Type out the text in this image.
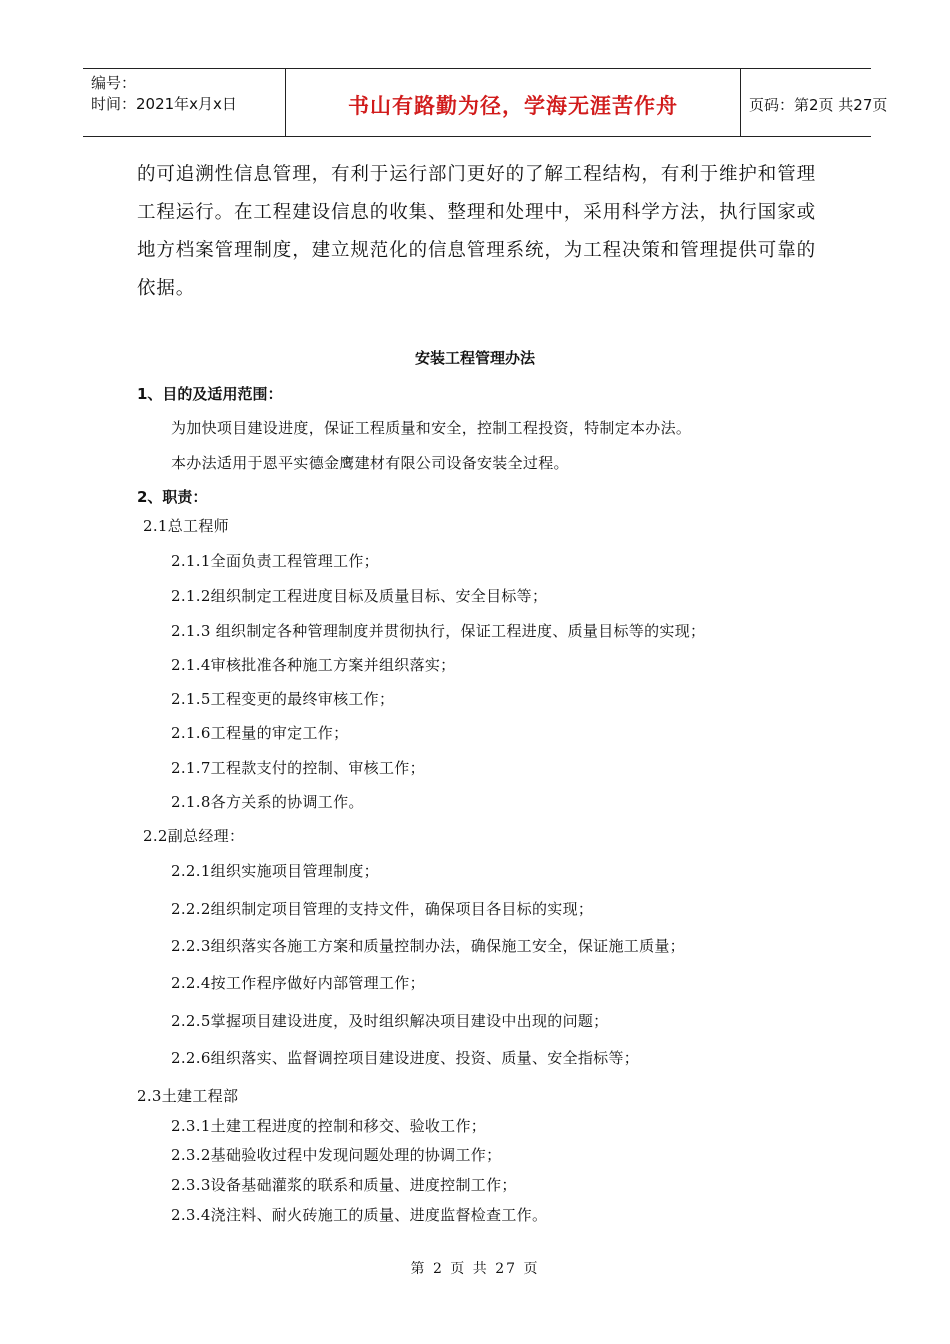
编号：
时间：2021年x月x日	书山有路勤为径，学海无涯苦作舟	页码：第2页 共27页

的可追溯性信息管理，有利于运行部门更好的了解工程结构，有利于维护和管理工程运行。在工程建设信息的收集、整理和处理中，采用科学方法，执行国家或地方档案管理制度，建立规范化的信息管理系统，为工程决策和管理提供可靠的依据。

安装工程管理办法
1、目的及适用范围：
为加快项目建设进度，保证工程质量和安全，控制工程投资，特制定本办法。
本办法适用于恩平实德金鹰建材有限公司设备安装全过程。
2、职责：
2.1总工程师
2.1.1全面负责工程管理工作；
2.1.2组织制定工程进度目标及质量目标、安全目标等；
2.1.3 组织制定各种管理制度并贯彻执行，保证工程进度、质量目标等的实现；
2.1.4审核批准各种施工方案并组织落实；
2.1.5工程变更的最终审核工作；
2.1.6工程量的审定工作；
2.1.7工程款支付的控制、审核工作；
2.1.8各方关系的协调工作。
2.2副总经理：
2.2.1组织实施项目管理制度；
2.2.2组织制定项目管理的支持文件，确保项目各目标的实现；
2.2.3组织落实各施工方案和质量控制办法，确保施工安全，保证施工质量；
2.2.4按工作程序做好内部管理工作；
2.2.5掌握项目建设进度，及时组织解决项目建设中出现的问题；
2.2.6组织落实、监督调控项目建设进度、投资、质量、安全指标等；
2.3土建工程部
2.3.1土建工程进度的控制和移交、验收工作；
2.3.2基础验收过程中发现问题处理的协调工作；
2.3.3设备基础灌浆的联系和质量、进度控制工作；
2.3.4浇注料、耐火砖施工的质量、进度监督检查工作。
第 2 页 共 27 页
